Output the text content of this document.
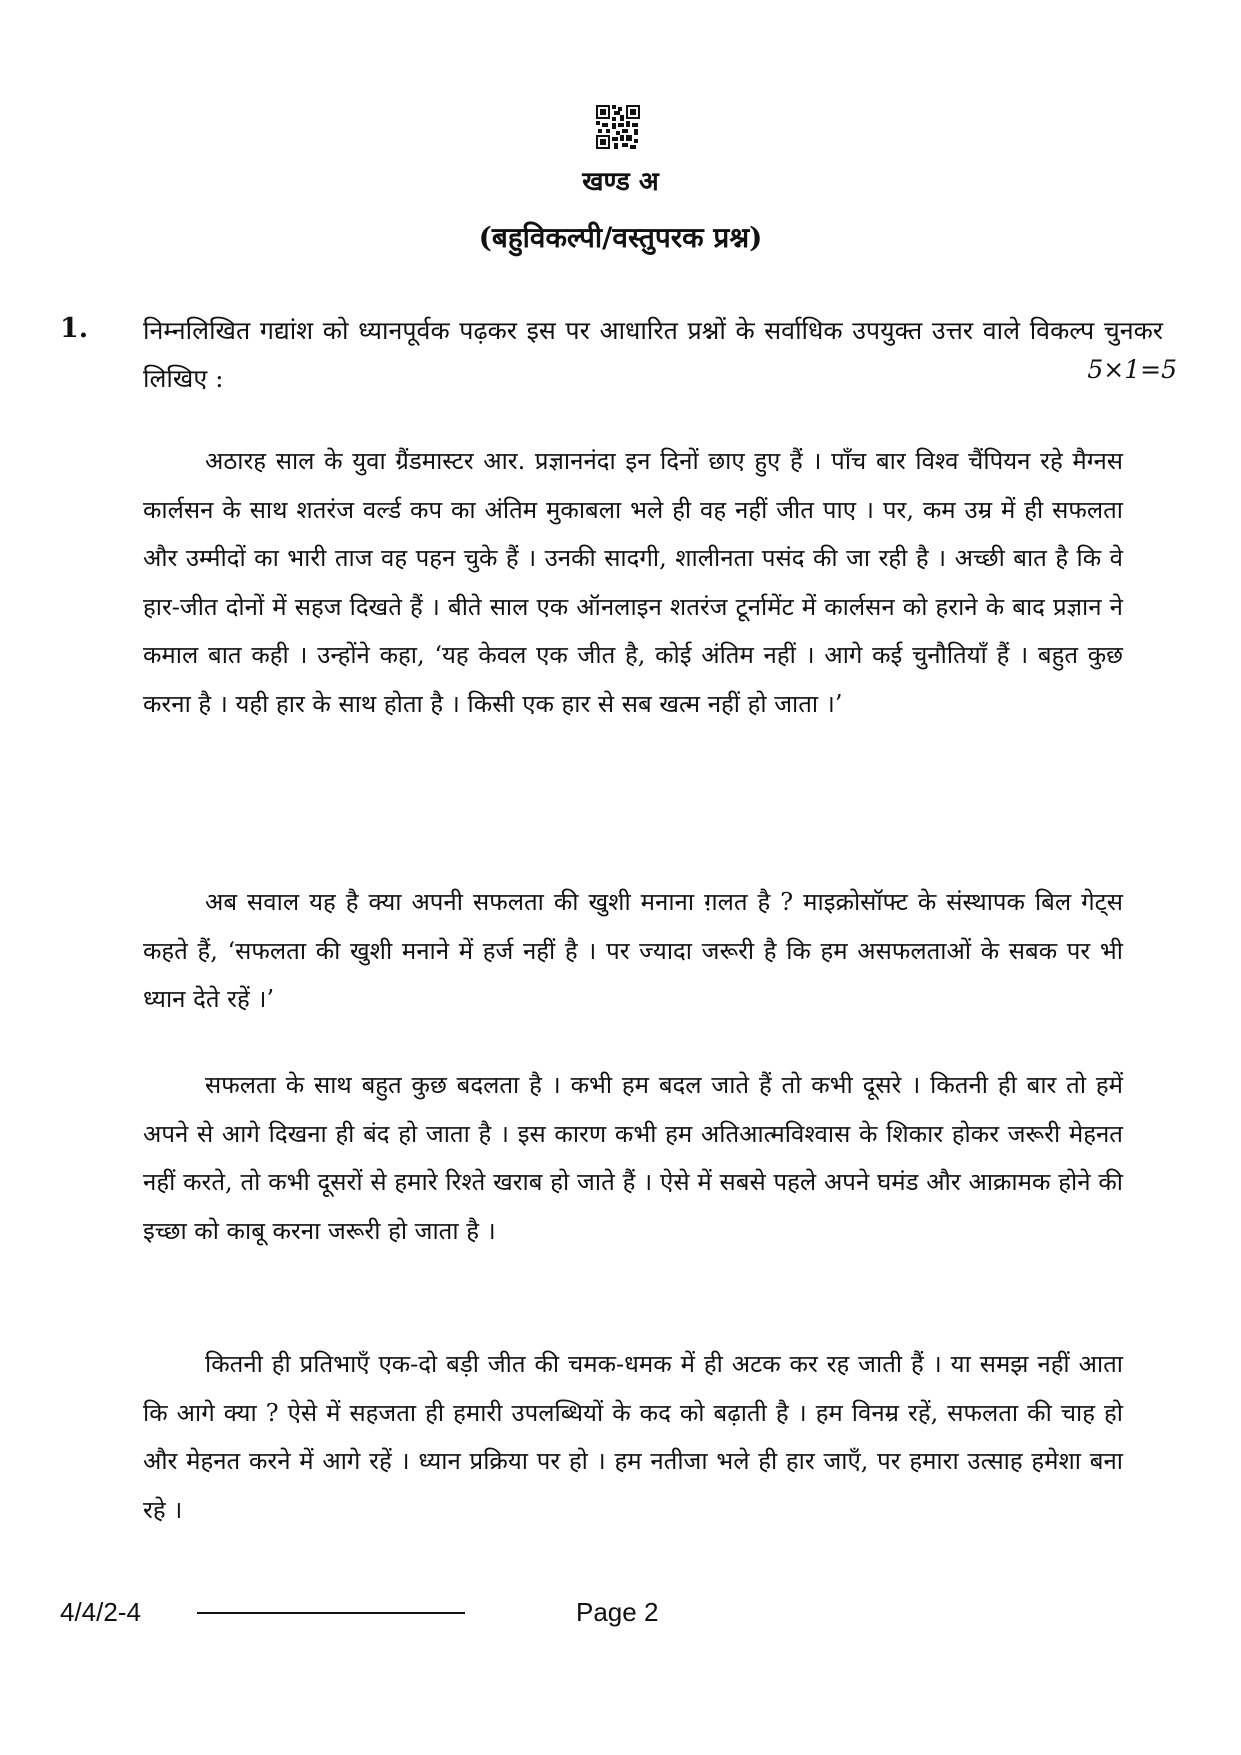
खण्ड अ
(बहुविकल्पी/वस्तुपरक प्रश्न)
1. निम्नलिखित गद्यांश को ध्यानपूर्वक पढ़कर इस पर आधारित प्रश्नों के सर्वाधिक उपयुक्त उत्तर वाले विकल्प चुनकर लिखिए :	5×1=5

अठारह साल के युवा ग्रैंडमास्टर आर. प्रज्ञाननंदा इन दिनों छाए हुए हैं । पाँच बार विश्व चैंपियन रहे मैग्नस कार्लसन के साथ शतरंज वर्ल्ड कप का अंतिम मुकाबला भले ही वह नहीं जीत पाए । पर, कम उम्र में ही सफलता और उम्मीदों का भारी ताज वह पहन चुके हैं । उनकी सादगी, शालीनता पसंद की जा रही है । अच्छी बात है कि वे हार-जीत दोनों में सहज दिखते हैं । बीते साल एक ऑनलाइन शतरंज टूर्नामेंट में कार्लसन को हराने के बाद प्रज्ञान ने कमाल बात कही । उन्होंने कहा, ‘यह केवल एक जीत है, कोई अंतिम नहीं । आगे कई चुनौतियाँ हैं । बहुत कुछ करना है । यही हार के साथ होता है । किसी एक हार से सब खत्म नहीं हो जाता ।’

अब सवाल यह है क्या अपनी सफलता की खुशी मनाना ग़लत है ? माइक्रोसॉफ्ट के संस्थापक बिल गेट्स कहते हैं, ‘सफलता की खुशी मनाने में हर्ज नहीं है । पर ज्यादा जरूरी है कि हम असफलताओं के सबक पर भी ध्यान देते रहें ।’

सफलता के साथ बहुत कुछ बदलता है । कभी हम बदल जाते हैं तो कभी दूसरे । कितनी ही बार तो हमें अपने से आगे दिखना ही बंद हो जाता है । इस कारण कभी हम अतिआत्मविश्वास के शिकार होकर जरूरी मेहनत नहीं करते, तो कभी दूसरों से हमारे रिश्ते खराब हो जाते हैं । ऐसे में सबसे पहले अपने घमंड और आक्रामक होने की इच्छा को काबू करना जरूरी हो जाता है ।

कितनी ही प्रतिभाएँ एक-दो बड़ी जीत की चमक-धमक में ही अटक कर रह जाती हैं । या समझ नहीं आता कि आगे क्या ? ऐसे में सहजता ही हमारी उपलब्धियों के कद को बढ़ाती है । हम विनम्र रहें, सफलता की चाह हो और मेहनत करने में आगे रहें । ध्यान प्रक्रिया पर हो । हम नतीजा भले ही हार जाएँ, पर हमारा उत्साह हमेशा बना रहे ।

4/4/2-4	Page 2
